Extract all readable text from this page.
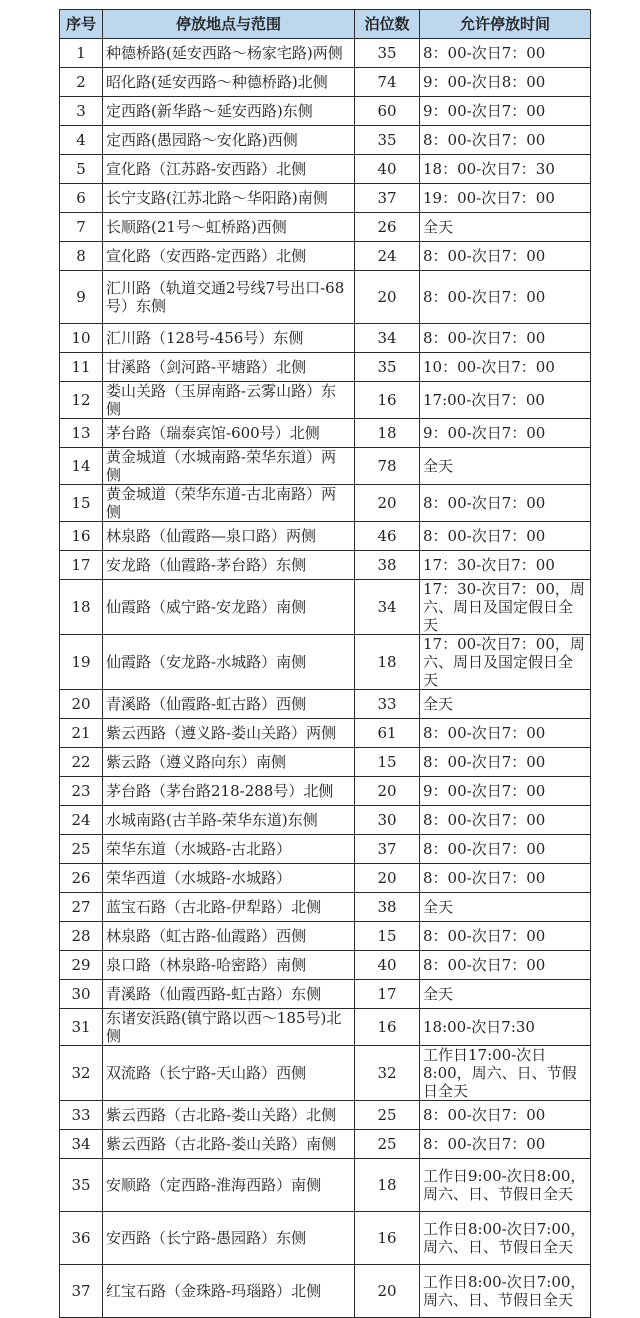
序号	停放地点与范围	泊位数	允许停放时间
1	种德桥路(延安西路～杨家宅路)两侧	35	8：00-次日7：00
2	昭化路(延安西路～种德桥路)北侧	74	9：00-次日8：00
3	定西路(新华路～延安西路)东侧	60	9：00-次日7：00
4	定西路(愚园路～安化路)西侧	35	8：00-次日7：00
5	宣化路（江苏路-安西路）北侧	40	18：00-次日7：30
6	长宁支路(江苏北路～华阳路)南侧	37	19：00-次日7：00
7	长顺路(21号～虹桥路)西侧	26	全天
8	宣化路（安西路-定西路）北侧	24	8：00-次日7：00
9	汇川路（轨道交通2号线7号出口-68号）东侧	20	8：00-次日7：00
10	汇川路（128号-456号）东侧	34	8：00-次日7：00
11	甘溪路（剑河路-平塘路）北侧	35	10：00-次日7：00
12	娄山关路（玉屏南路-云雾山路）东侧	16	17:00-次日7：00
13	茅台路（瑞泰宾馆-600号）北侧	18	9：00-次日7：00
14	黄金城道（水城南路-荣华东道）两侧	78	全天
15	黄金城道（荣华东道-古北南路）两侧	20	8：00-次日7：00
16	林泉路（仙霞路—泉口路）两侧	46	8：00-次日7：00
17	安龙路（仙霞路-茅台路）东侧	38	17：30-次日7：00
18	仙霞路（威宁路-安龙路）南侧	34	17：30-次日7：00，周六、周日及国定假日全天
19	仙霞路（安龙路-水城路）南侧	18	17：00-次日7：00，周六、周日及国定假日全天
20	青溪路（仙霞路-虹古路）西侧	33	全天
21	紫云西路（遵义路-娄山关路）两侧	61	8：00-次日7：00
22	紫云路（遵义路向东）南侧	15	8：00-次日7：00
23	茅台路（茅台路218-288号）北侧	20	9：00-次日7：00
24	水城南路(古羊路-荣华东道)东侧	30	8：00-次日7：00
25	荣华东道（水城路-古北路）	37	8：00-次日7：00
26	荣华西道（水城路-水城路）	20	8：00-次日7：00
27	蓝宝石路（古北路-伊犁路）北侧	38	全天
28	林泉路（虹古路-仙霞路）西侧	15	8：00-次日7：00
29	泉口路（林泉路-哈密路）南侧	40	8：00-次日7：00
30	青溪路（仙霞西路-虹古路）东侧	17	全天
31	东诸安浜路(镇宁路以西～185号)北侧	16	18:00-次日7:30
32	双流路（长宁路-天山路）西侧	32	工作日17:00-次日8:00，周六、日、节假日全天
33	紫云西路（古北路-娄山关路）北侧	25	8：00-次日7：00
34	紫云西路（古北路-娄山关路）南侧	25	8：00-次日7：00
35	安顺路（定西路-淮海西路）南侧	18	工作日9:00-次日8:00，周六、日、节假日全天
36	安西路（长宁路-愚园路）东侧	16	工作日8:00-次日7:00，周六、日、节假日全天
37	红宝石路（金珠路-玛瑙路）北侧	20	工作日8:00-次日7:00，周六、日、节假日全天
